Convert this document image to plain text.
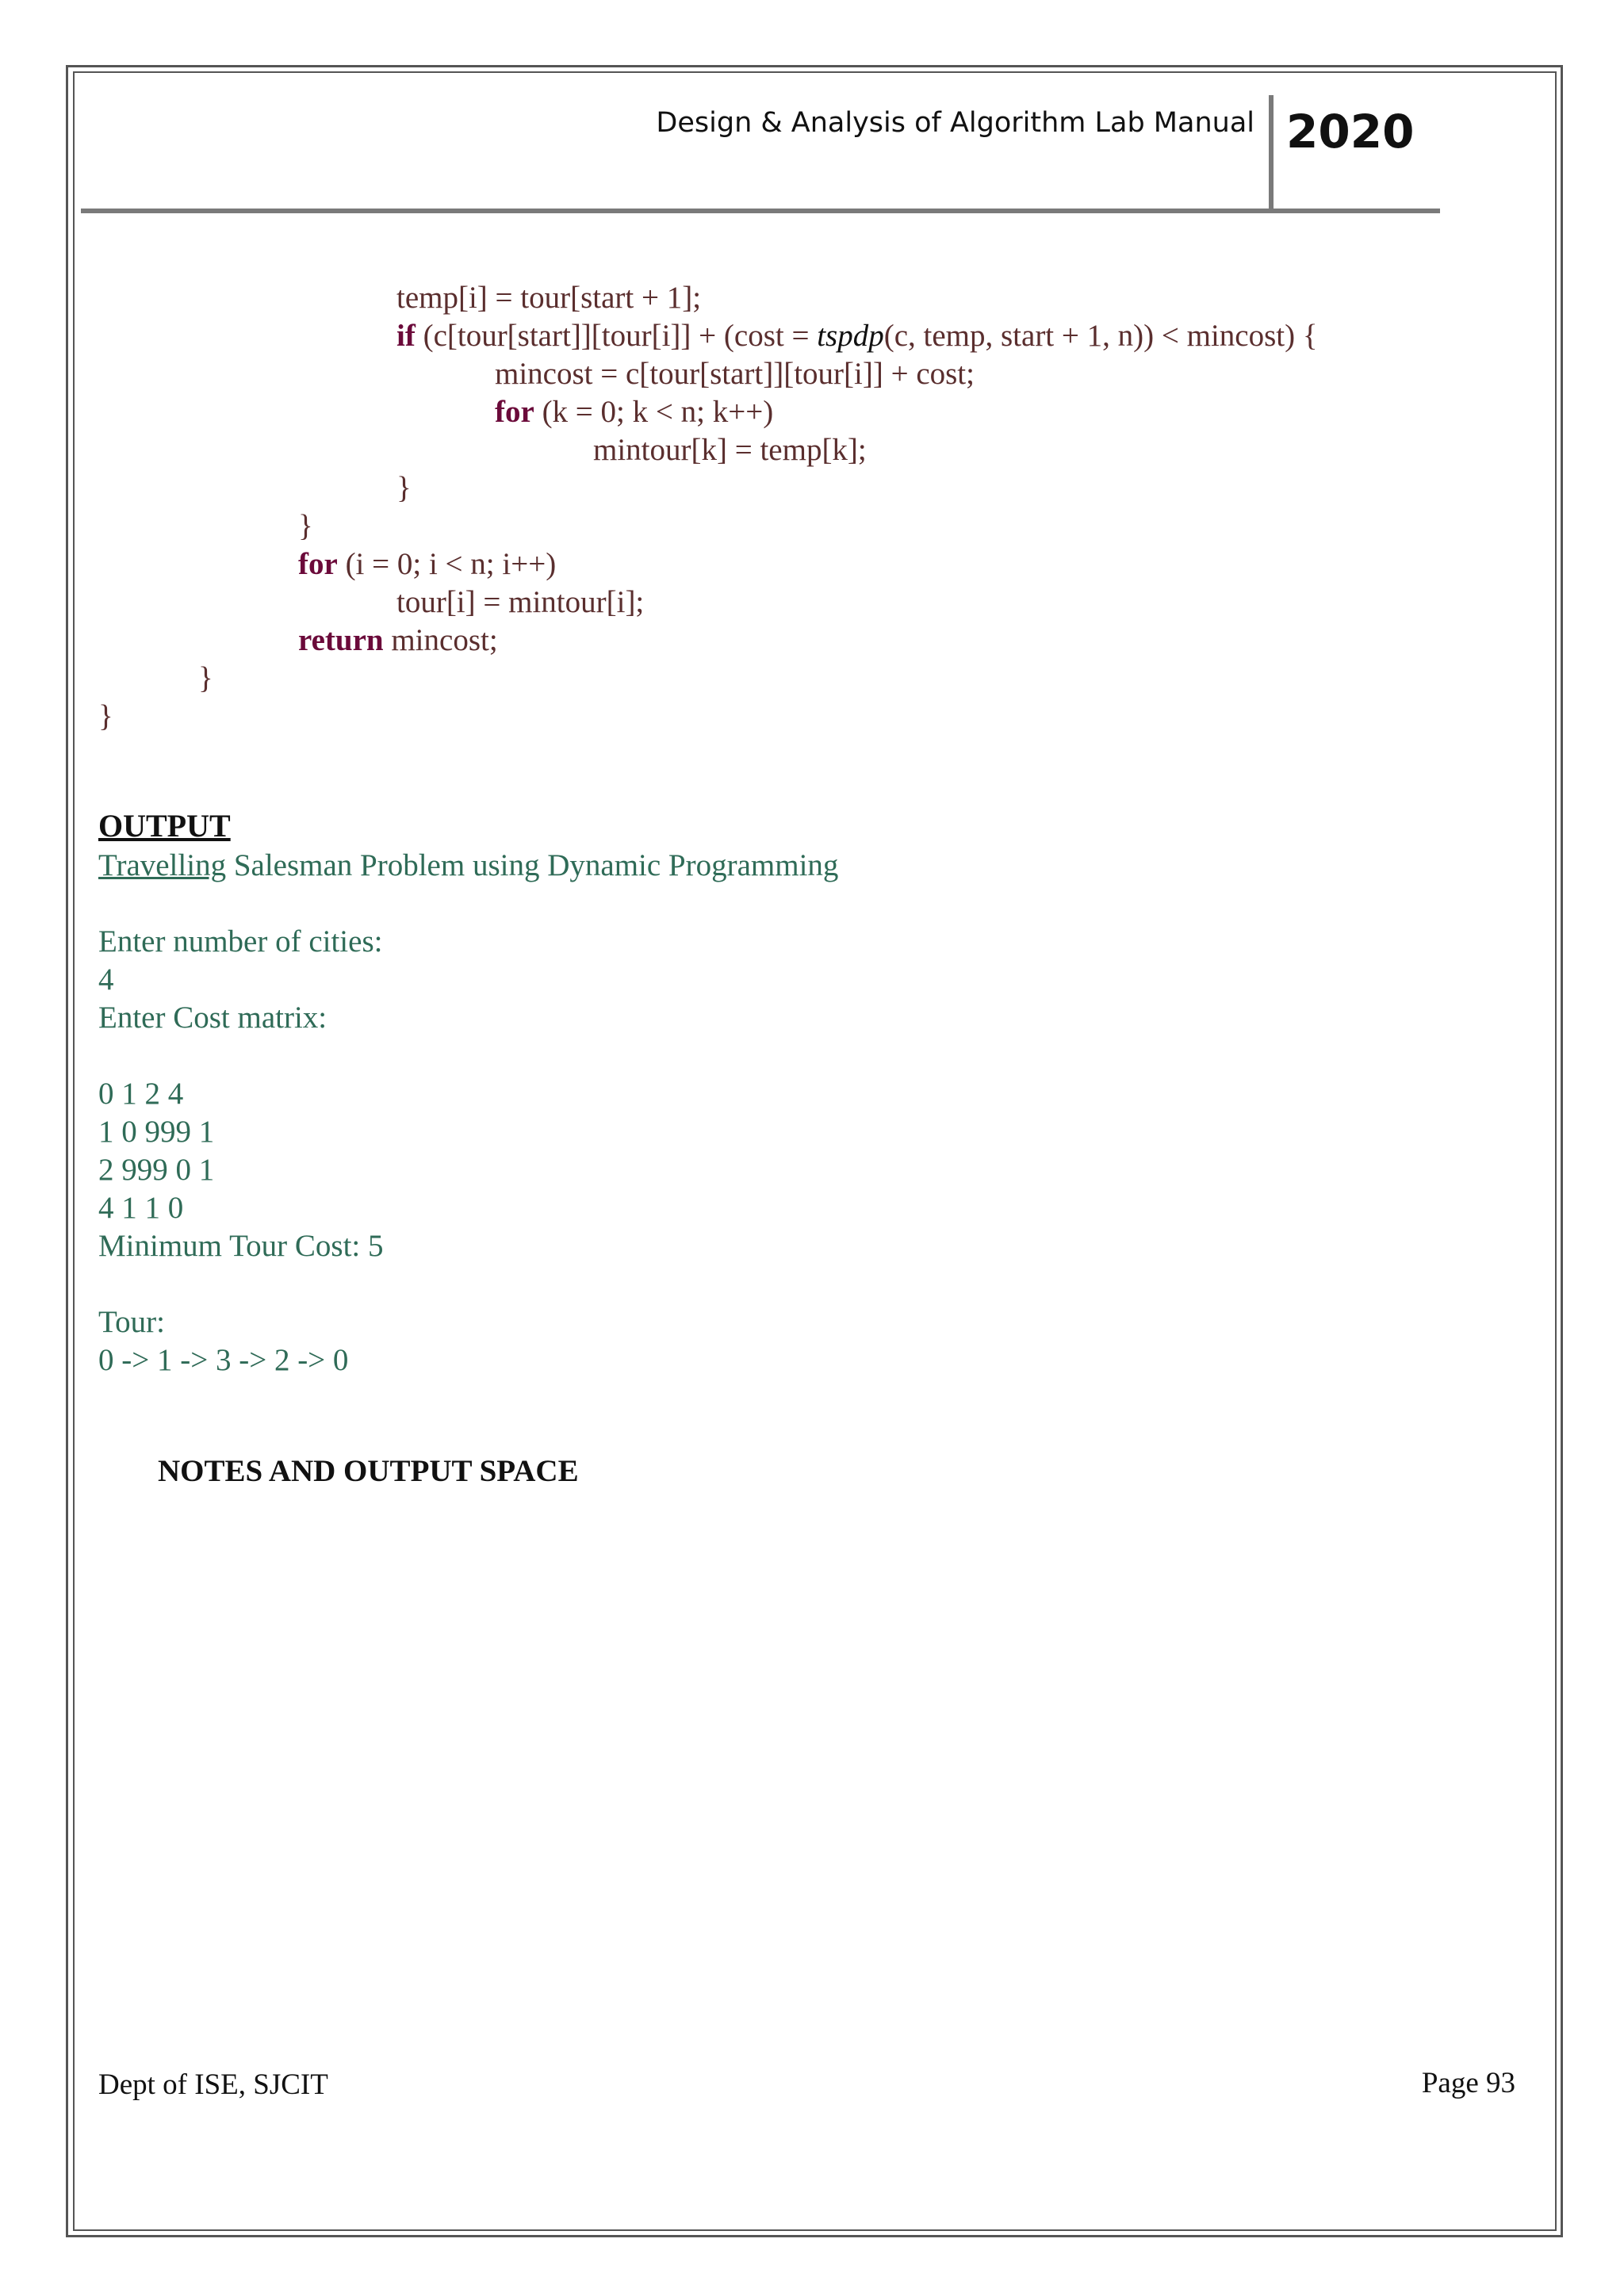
Design & Analysis of Algorithm Lab Manual 2020
temp[i] = tour[start + 1];
if (c[tour[start]][tour[i]] + (cost = tspdp(c, temp, start + 1, n)) < mincost) {
mincost = c[tour[start]][tour[i]] + cost;
for (k = 0; k < n; k++)
mintour[k] = temp[k];
}
}
for (i = 0; i < n; i++)
tour[i] = mintour[i];
return mincost;
}
}
OUTPUT
Travelling Salesman Problem using Dynamic Programming
Enter number of cities:
4
Enter Cost matrix:
0 1 2 4
1 0 999 1
2 999 0 1
4 1 1 0
Minimum Tour Cost: 5
Tour:
0 -> 1 -> 3 -> 2 -> 0
NOTES AND OUTPUT SPACE
Dept of ISE, SJCIT	Page 93
